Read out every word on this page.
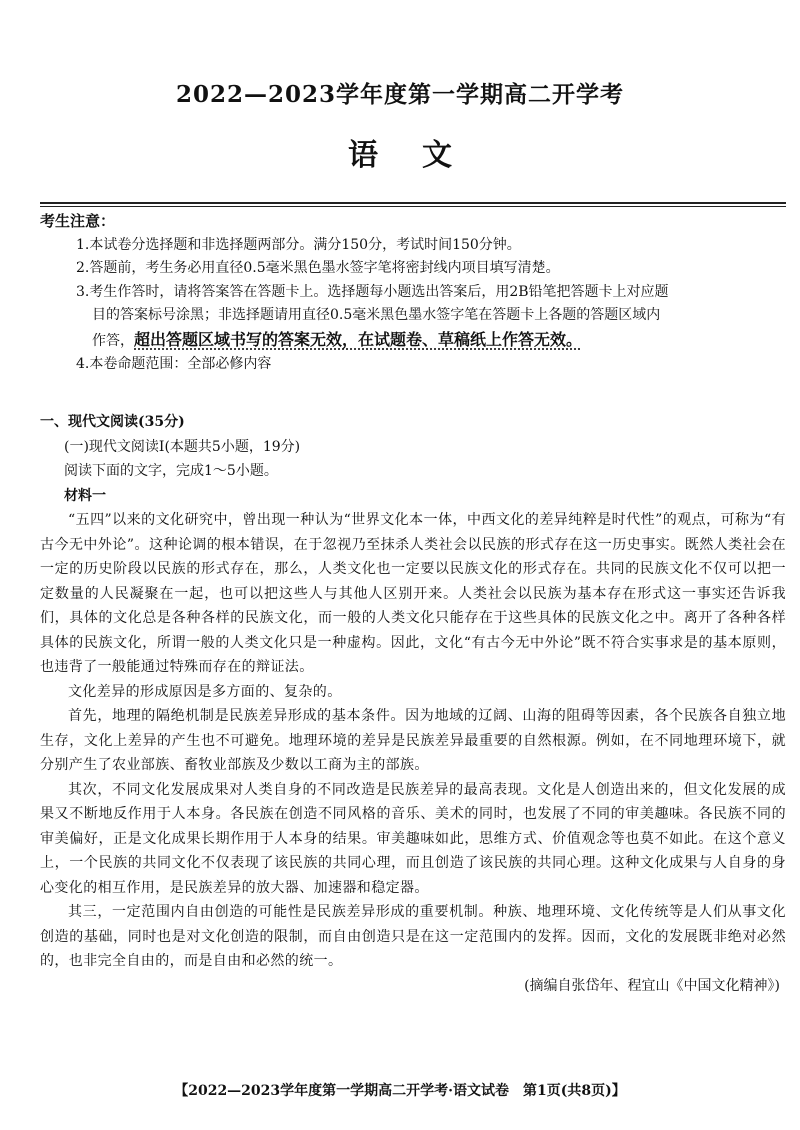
2022—2023学年度第一学期高二开学考
语文
考生注意：
1.本试卷分选择题和非选择题两部分。满分150分，考试时间150分钟。
2.答题前，考生务必用直径0.5毫米黑色墨水签字笔将密封线内项目填写清楚。
3.考生作答时，请将答案答在答题卡上。选择题每小题选出答案后，用2B铅笔把答题卡上对应题
目的答案标号涂黑；非选择题请用直径0.5毫米黑色墨水签字笔在答题卡上各题的答题区域内
作答，超出答题区域书写的答案无效，在试题卷、草稿纸上作答无效。
4.本卷命题范围：全部必修内容
一、现代文阅读(35分)
(一)现代文阅读Ⅰ(本题共5小题，19分)
阅读下面的文字，完成1～5小题。
材料一
“五四”以来的文化研究中，曾出现一种认为“世界文化本一体，中西文化的差异纯粹是时代性”的观点，可称为“有古今无中外论”。这种论调的根本错误，在于忽视乃至抹杀人类社会以民族的形式存在这一历史事实。既然人类社会在一定的历史阶段以民族的形式存在，那么，人类文化也一定要以民族文化的形式存在。共同的民族文化不仅可以把一定数量的人民凝聚在一起，也可以把这些人与其他人区别开来。人类社会以民族为基本存在形式这一事实还告诉我们，具体的文化总是各种各样的民族文化，而一般的人类文化只能存在于这些具体的民族文化之中。离开了各种各样具体的民族文化，所谓一般的人类文化只是一种虚构。因此，文化“有古今无中外论”既不符合实事求是的基本原则，也违背了一般能通过特殊而存在的辩证法。
文化差异的形成原因是多方面的、复杂的。
首先，地理的隔绝机制是民族差异形成的基本条件。因为地域的辽阔、山海的阻碍等因素，各个民族各自独立地生存，文化上差异的产生也不可避免。地理环境的差异是民族差异最重要的自然根源。例如，在不同地理环境下，就分别产生了农业部族、畜牧业部族及少数以工商为主的部族。
其次，不同文化发展成果对人类自身的不同改造是民族差异的最高表现。文化是人创造出来的，但文化发展的成果又不断地反作用于人本身。各民族在创造不同风格的音乐、美术的同时，也发展了不同的审美趣味。各民族不同的审美偏好，正是文化成果长期作用于人本身的结果。审美趣味如此，思维方式、价值观念等也莫不如此。在这个意义上，一个民族的共同文化不仅表现了该民族的共同心理，而且创造了该民族的共同心理。这种文化成果与人自身的身心变化的相互作用，是民族差异的放大器、加速器和稳定器。
其三，一定范围内自由创造的可能性是民族差异形成的重要机制。种族、地理环境、文化传统等是人们从事文化创造的基础，同时也是对文化创造的限制，而自由创造只是在这一定范围内的发挥。因而，文化的发展既非绝对必然的，也非完全自由的，而是自由和必然的统一。
(摘编自张岱年、程宜山《中国文化精神》)
【2022—2023学年度第一学期高二开学考·语文试卷　第1页(共8页)】
